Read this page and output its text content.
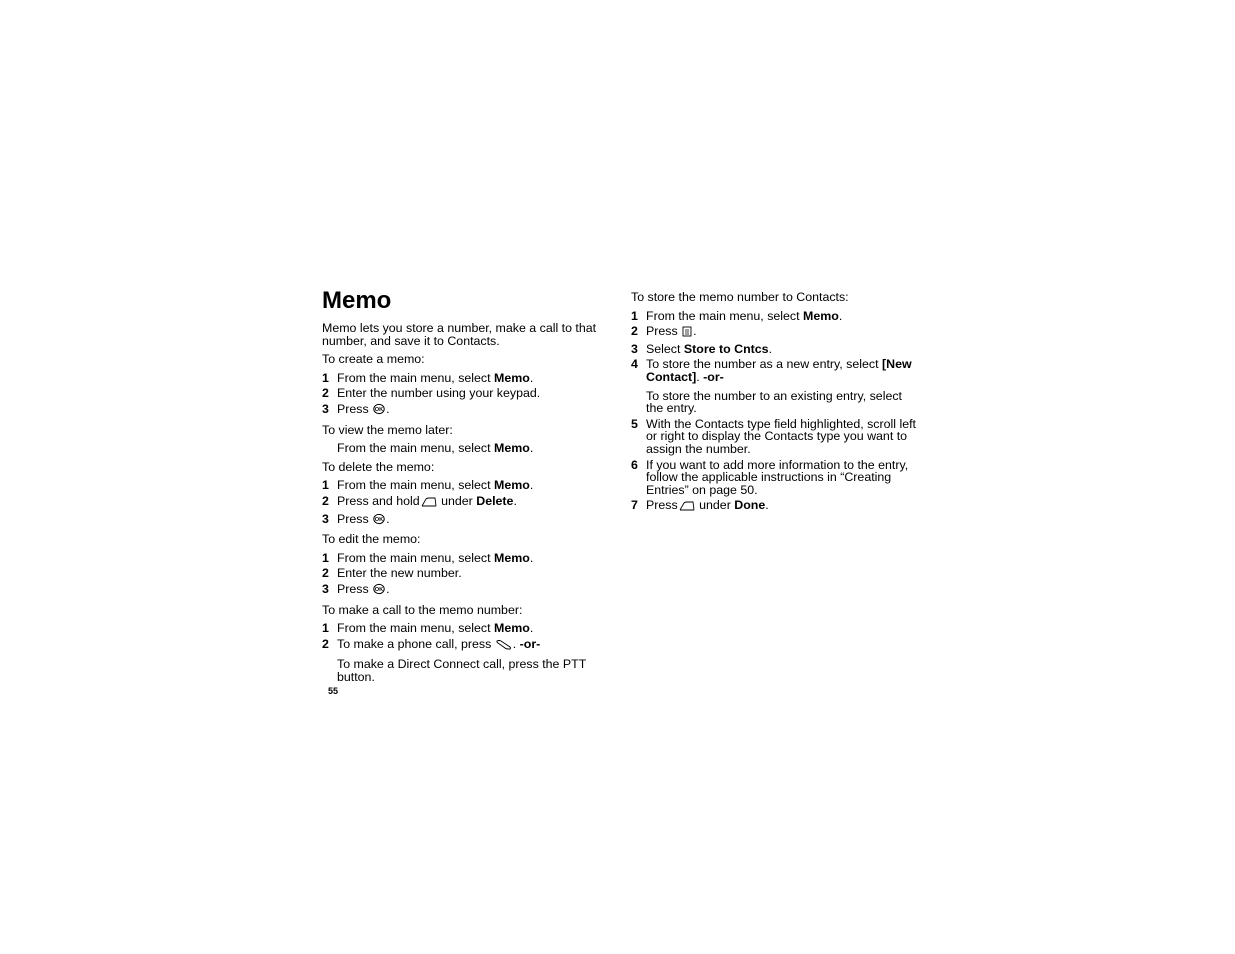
Memo

Memo lets you store a number, make a call to that number, and save it to Contacts.

To create a memo:

1 From the main menu, select Memo.
2 Enter the number using your keypad.
3 Press OK .

To view the memo later:

From the main menu, select Memo.

To delete the memo:

1 From the main menu, select Memo.
2 Press and hold under Delete.
3 Press OK .

To edit the memo:

1 From the main menu, select Memo.
2 Enter the new number.
3 Press OK .

To make a call to the memo number:

1 From the main menu, select Memo.
2 To make a phone call, press . -or-

To make a Direct Connect call, press the PTT button.

55

To store the memo number to Contacts:

1 From the main menu, select Memo.
2 Press .
3 Select Store to Cntcs.
4 To store the number as a new entry, select [New Contact]. -or-

To store the number to an existing entry, select the entry.

5 With the Contacts type field highlighted, scroll left or right to display the Contacts type you want to assign the number.
6 If you want to add more information to the entry, follow the applicable instructions in “Creating Entries” on page 50.
7 Press under Done.
